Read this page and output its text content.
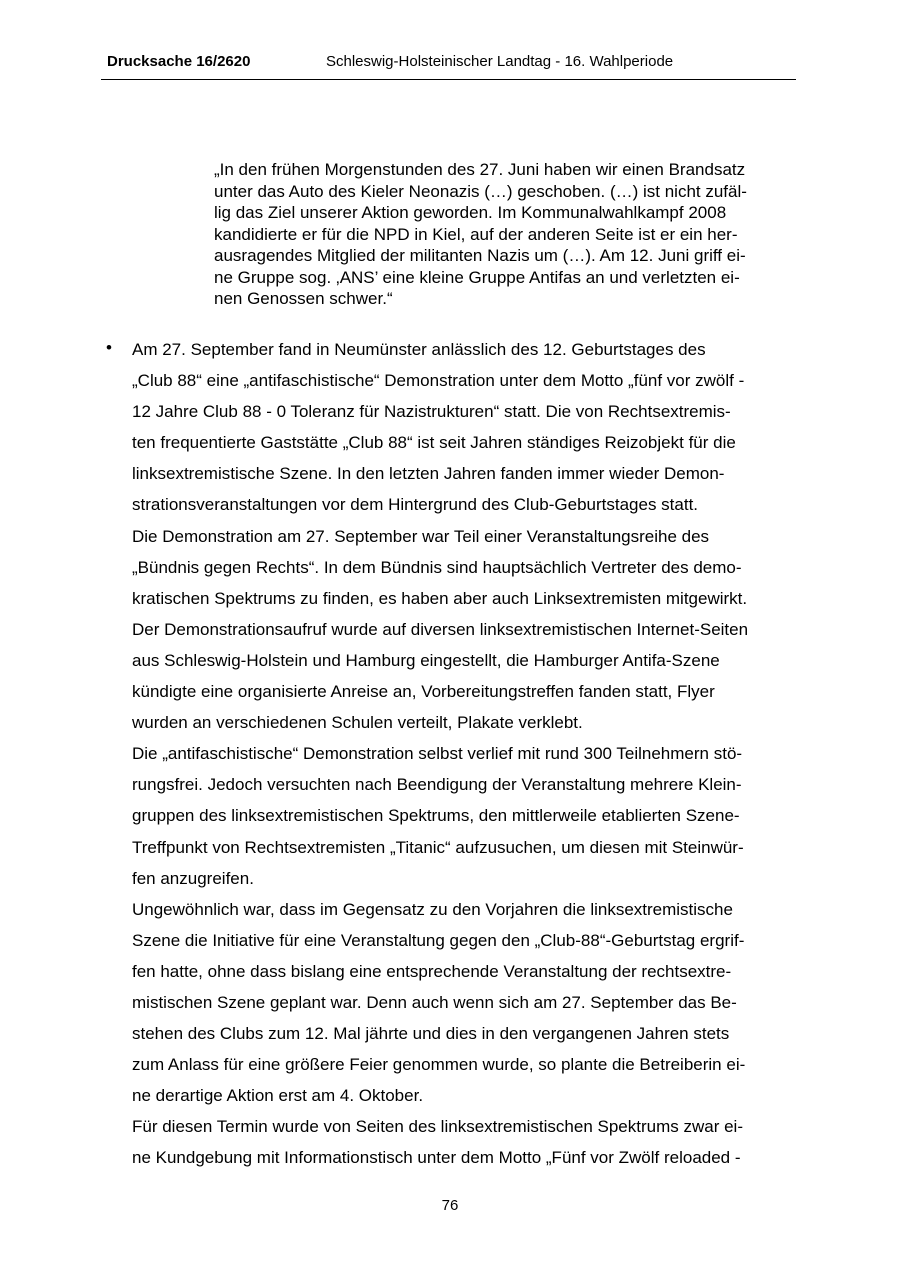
Drucksache 16/2620	Schleswig-Holsteinischer Landtag - 16. Wahlperiode
„In den frühen Morgenstunden des 27. Juni haben wir einen Brandsatz
unter das Auto des Kieler Neonazis (…) geschoben. (…) ist nicht zufäl-
lig das Ziel unserer Aktion geworden. Im Kommunalwahlkampf 2008
kandidierte er für die NPD in Kiel, auf der anderen Seite ist er ein her-
ausragendes Mitglied der militanten Nazis um (…). Am 12. Juni griff ei-
ne Gruppe sog. ‚ANS’ eine kleine Gruppe Antifas an und verletzten ei-
nen Genossen schwer.“
• Am 27. September fand in Neumünster anlässlich des 12. Geburtstages des
„Club 88“ eine „antifaschistische“ Demonstration unter dem Motto „fünf vor zwölf -
12 Jahre Club 88 - 0 Toleranz für Nazistrukturen“ statt. Die von Rechtsextremis-
ten frequentierte Gaststätte „Club 88“ ist seit Jahren ständiges Reizobjekt für die
linksextremistische Szene. In den letzten Jahren fanden immer wieder Demon-
strationsveranstaltungen vor dem Hintergrund des Club-Geburtstages statt.
Die Demonstration am 27. September war Teil einer Veranstaltungsreihe des
„Bündnis gegen Rechts“. In dem Bündnis sind hauptsächlich Vertreter des demo-
kratischen Spektrums zu finden, es haben aber auch Linksextremisten mitgewirkt.
Der Demonstrationsaufruf wurde auf diversen linksextremistischen Internet-Seiten
aus Schleswig-Holstein und Hamburg eingestellt, die Hamburger Antifa-Szene
kündigte eine organisierte Anreise an, Vorbereitungstreffen fanden statt, Flyer
wurden an verschiedenen Schulen verteilt, Plakate verklebt.
Die „antifaschistische“ Demonstration selbst verlief mit rund 300 Teilnehmern stö-
rungsfrei. Jedoch versuchten nach Beendigung der Veranstaltung mehrere Klein-
gruppen des linksextremistischen Spektrums, den mittlerweile etablierten Szene-
Treffpunkt von Rechtsextremisten „Titanic“ aufzusuchen, um diesen mit Steinwür-
fen anzugreifen.
Ungewöhnlich war, dass im Gegensatz zu den Vorjahren die linksextremistische
Szene die Initiative für eine Veranstaltung gegen den „Club-88“-Geburtstag ergrif-
fen hatte, ohne dass bislang eine entsprechende Veranstaltung der rechtsextre-
mistischen Szene geplant war. Denn auch wenn sich am 27. September das Be-
stehen des Clubs zum 12. Mal jährte und dies in den vergangenen Jahren stets
zum Anlass für eine größere Feier genommen wurde, so plante die Betreiberin ei-
ne derartige Aktion erst am 4. Oktober.
Für diesen Termin wurde von Seiten des linksextremistischen Spektrums zwar ei-
ne Kundgebung mit Informationstisch unter dem Motto „Fünf vor Zwölf reloaded -
76
